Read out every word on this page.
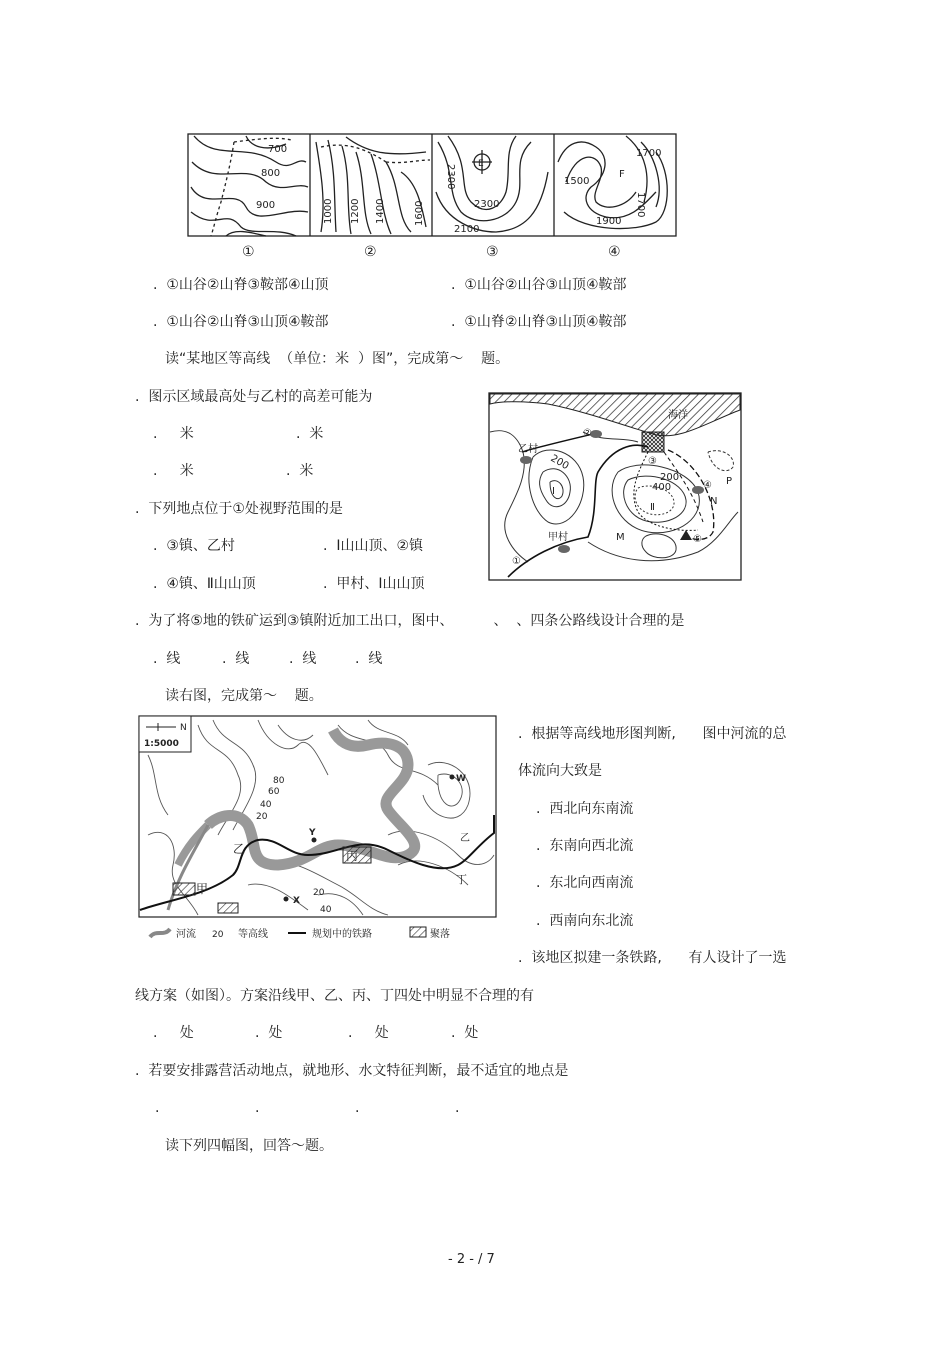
700
800
900	1000 1200 1400	1600
2300 E
2300
2100
1700
1500
F
1700
1900
①	②	③	④
.  ①山谷②山脊③鞍部④山顶	.  ①山谷②山谷③山顶④鞍部
.  ①山谷②山脊③山顶④鞍部	.  ①山脊②山脊③山顶④鞍部
读“某地区等高线  （单位：米  ）图”，完成第～    题。
.  图示区域最高处与乙村的高差可能为
.     米	.  米
.     米	.  米
.  下列地点位于①处视野范围的是
.  ③镇、乙村	.  Ⅰ山山顶、②镇
.  ④镇、Ⅱ山山顶	.  甲村、Ⅰ山山顶
海洋
乙村
②
200	③
200
400	④
N
P
Ⅰ
Ⅱ
甲村	M	⑤
①
.  为了将⑤地的铁矿运到③镇附近加工出口，图中、         、  、四条公路线设计合理的是
.  线	.  线	.  线	.  线
读右图，完成第～    题。
N
1:5000
80
60
40
20
W
Y
乙	丙
乙
丁
甲	20
X
40
河流 20 等高线	规划中的铁路	聚落
.  根据等高线地形图判断,      图中河流的总
体流向大致是
.  西北向东南流
.  东南向西北流
.  东北向西南流
.  西南向东北流
.  该地区拟建一条铁路,      有人设计了一选
线方案（如图）。方案沿线甲、乙、丙、丁四处中明显不合理的有
.     处	.  处	.     处	.  处
.  若要安排露营活动地点，就地形、水文特征判断，最不适宜的地点是
.	.	.	.
读下列四幅图，回答～题。
- 2 - / 7
